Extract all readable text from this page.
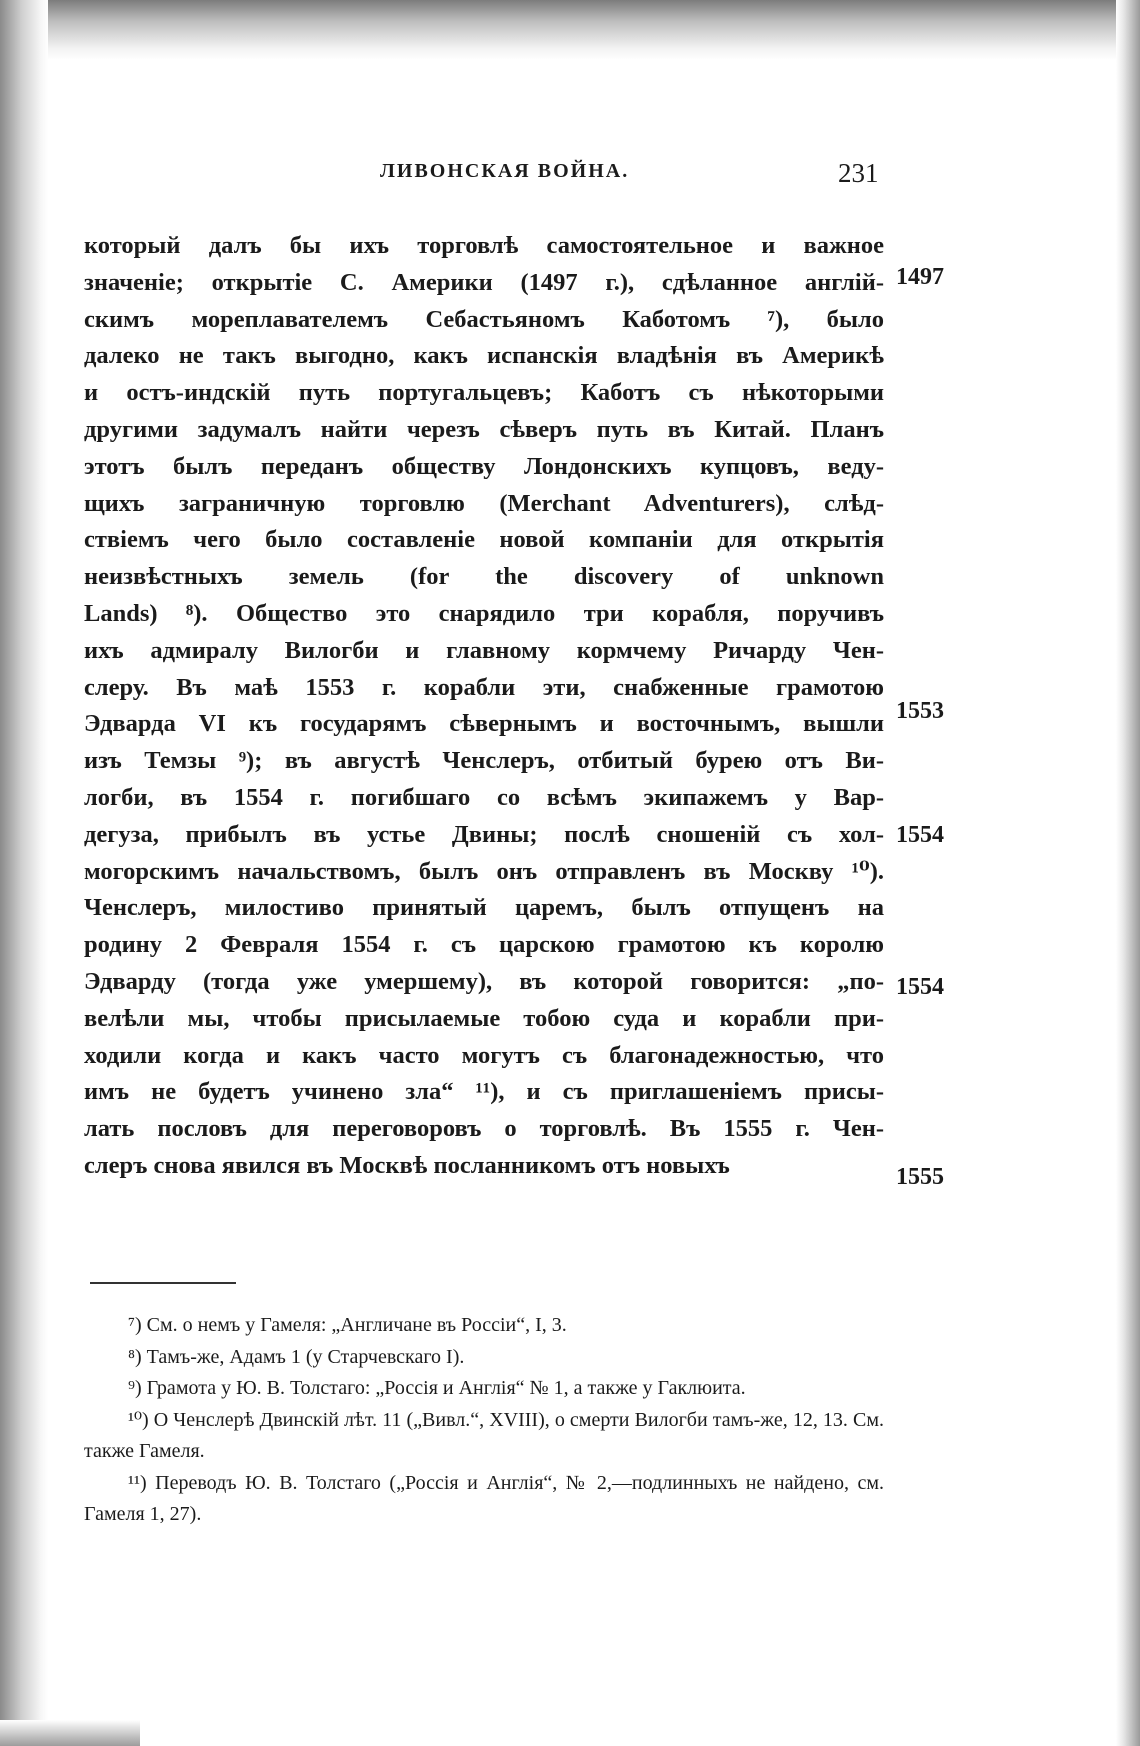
ЛИВОНСКАЯ ВОЙНА.	231
который далъ бы ихъ торговлѣ самостоятельное и важное
значеніе; открытіе С. Америки (1497 г.), сдѣланное англій-
скимъ мореплавателемъ Себастьяномъ Каботомъ ⁷), было
далеко не такъ выгодно, какъ испанскія владѣнія въ Америкѣ
и остъ-индскій путь португальцевъ; Каботъ съ нѣкоторыми
другими задумалъ найти черезъ сѣверъ путь въ Китай. Планъ
этотъ былъ переданъ обществу Лондонскихъ купцовъ, веду-
щихъ заграничную торговлю (Merchant Adventurers), слѣд-
ствіемъ чего было составленіе новой компаніи для открытія
неизвѣстныхъ земель (for the discovery of unknown
Lands) ⁸). Общество это снарядило три корабля, поручивъ
ихъ адмиралу Вилогби и главному кормчему Ричарду Чен-
слеру. Въ маѣ 1553 г. корабли эти, снабженные грамотою
Эдварда VI къ государямъ сѣвернымъ и восточнымъ, вышли
изъ Темзы ⁹); въ августѣ Ченслеръ, отбитый бурею отъ Ви-
логби, въ 1554 г. погибшаго со всѣмъ экипажемъ у Вар-
дегуза, прибылъ въ устье Двины; послѣ сношеній съ хол-
могорскимъ начальствомъ, былъ онъ отправленъ въ Москву ¹⁰).
Ченслеръ, милостиво принятый царемъ, былъ отпущенъ на
родину 2 Февраля 1554 г. съ царскою грамотою къ королю
Эдварду (тогда уже умершему), въ которой говорится: „по-
велѣли мы, чтобы присылаемые тобою суда и корабли при-
ходили когда и какъ часто могутъ съ благонадежностью, что
имъ не будетъ учинено зла“ ¹¹), и съ приглашеніемъ присы-
лать пословъ для переговоровъ о торговлѣ. Въ 1555 г. Чен-
слеръ снова явился въ Москвѣ посланникомъ отъ новыхъ
1497
1553
1554
1554
1555

⁷) См. о немъ у Гамеля: „Англичане въ Россіи“, I, 3.

⁸) Тамъ-же, Адамъ 1 (у Старчевскаго I).

⁹) Грамота у Ю. В. Толстаго: „Россія и Англія“ № 1, а также у Гаклюита.

¹⁰) О Ченслерѣ Двинскій лѣт. 11 („Вивл.“, XVIII), о смерти Вилогби тамъ-же, 12, 13. См. также Гамеля.

¹¹) Переводъ Ю. В. Толстаго („Россія и Англія“, № 2,—подлинныхъ не найдено, см. Гамеля 1, 27).
